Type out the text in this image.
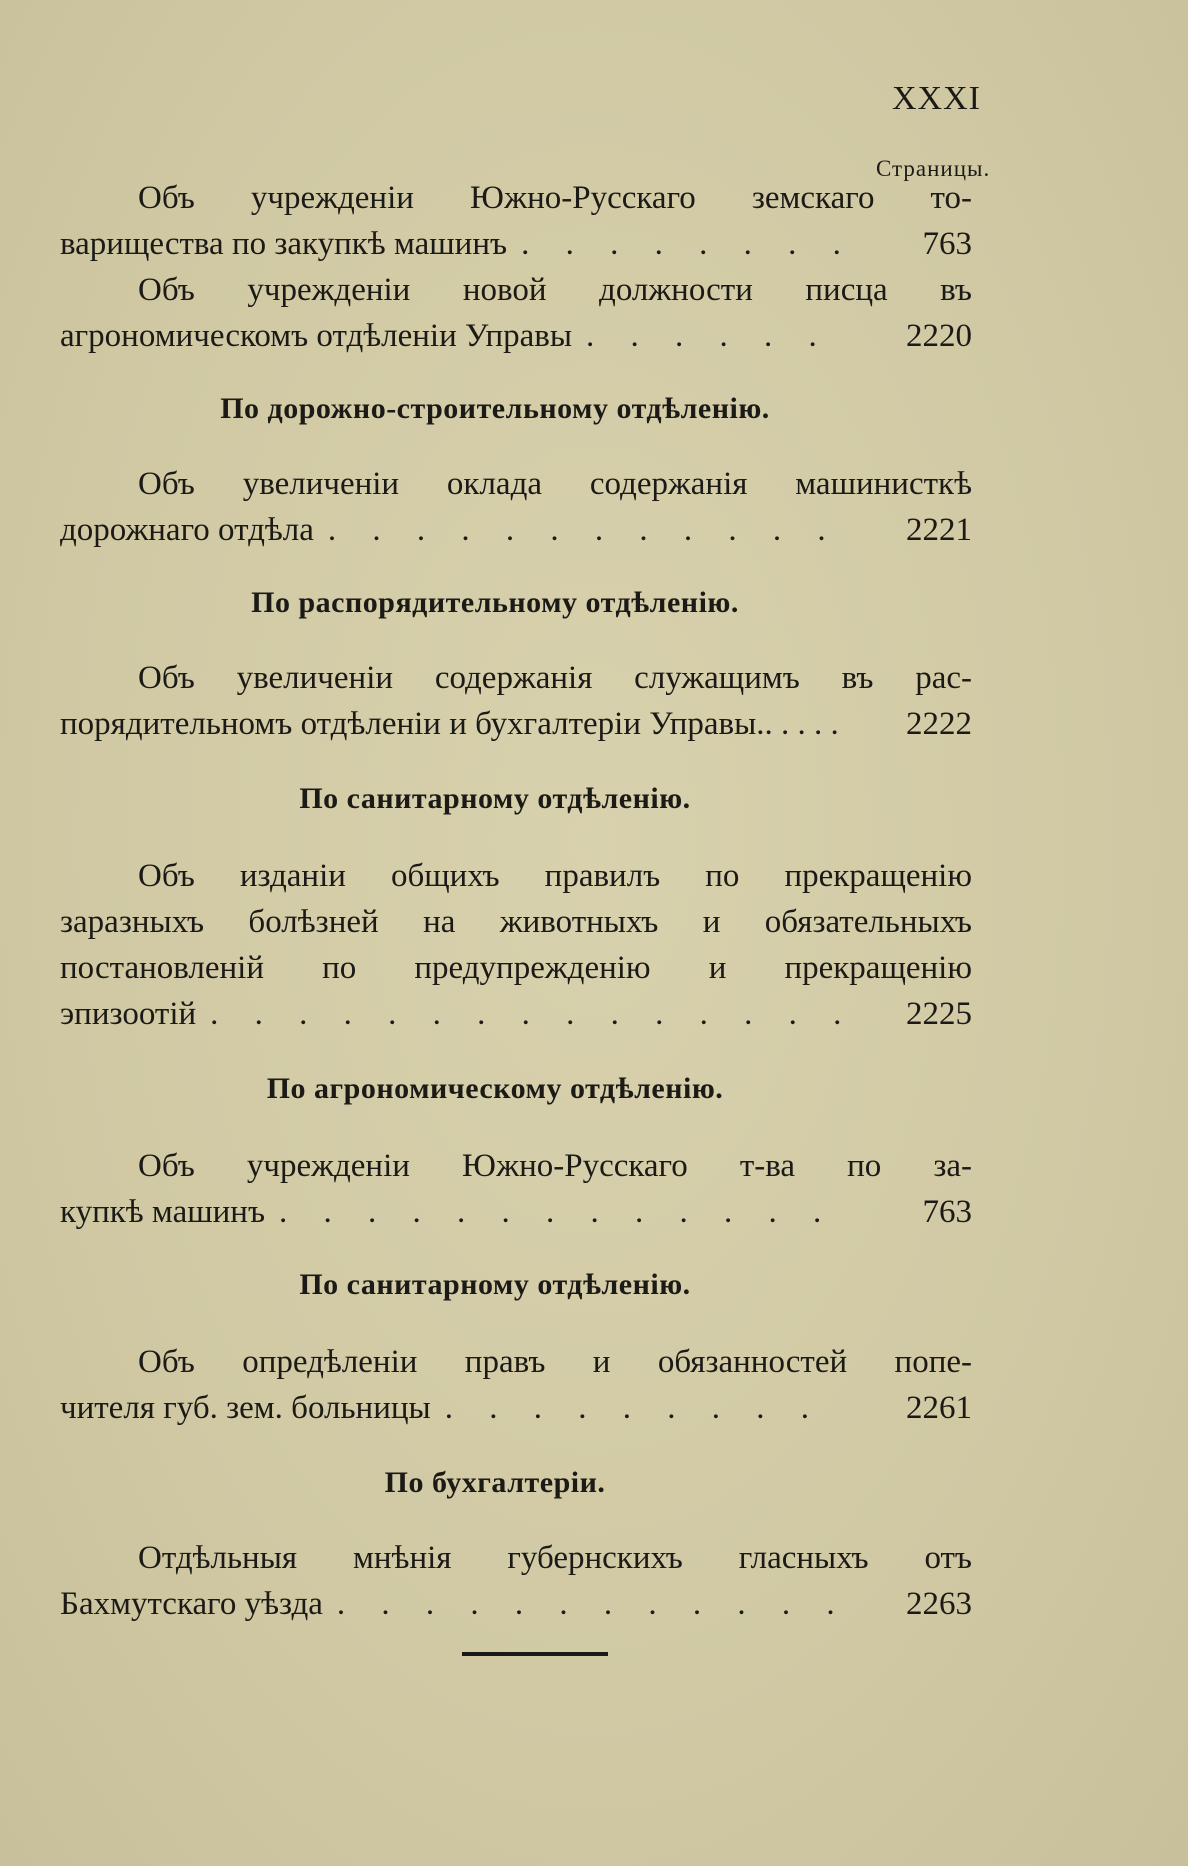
XXXI
Страницы.
Объ учрежденіи Южно-Русскаго земскаго то-
варищества по закупкѣ машинъ . . .	763
Объ учрежденіи новой должности писца въ
агрономическомъ отдѣленіи Управы . . .	2220
По дорожно-строительному отдѣленію.
Объ увеличеніи оклада содержанія машинисткѣ
дорожнаго отдѣла . . .	2221
По распорядительному отдѣленію.
Объ увеличеніи содержанія служащимъ въ рас-
порядительномъ отдѣленіи и бухгалтеріи Управы. . . .	2222
По санитарному отдѣленію.
Объ изданіи общихъ правилъ по прекращенію
заразныхъ болѣзней на животныхъ и обязательныхъ
постановленій по предупрежденію и прекращенію
эпизоотій . . .	2225
По агрономическому отдѣленію.
Объ учрежденіи Южно-Русскаго т-ва по за-
купкѣ машинъ . . .	763
По санитарному отдѣленію.
Объ опредѣленіи правъ и обязанностей попе-
чителя губ. зем. больницы . . .	2261
По бухгалтеріи.
Отдѣльныя мнѣнія губернскихъ гласныхъ отъ
Бахмутскаго уѣзда . . .	2263
